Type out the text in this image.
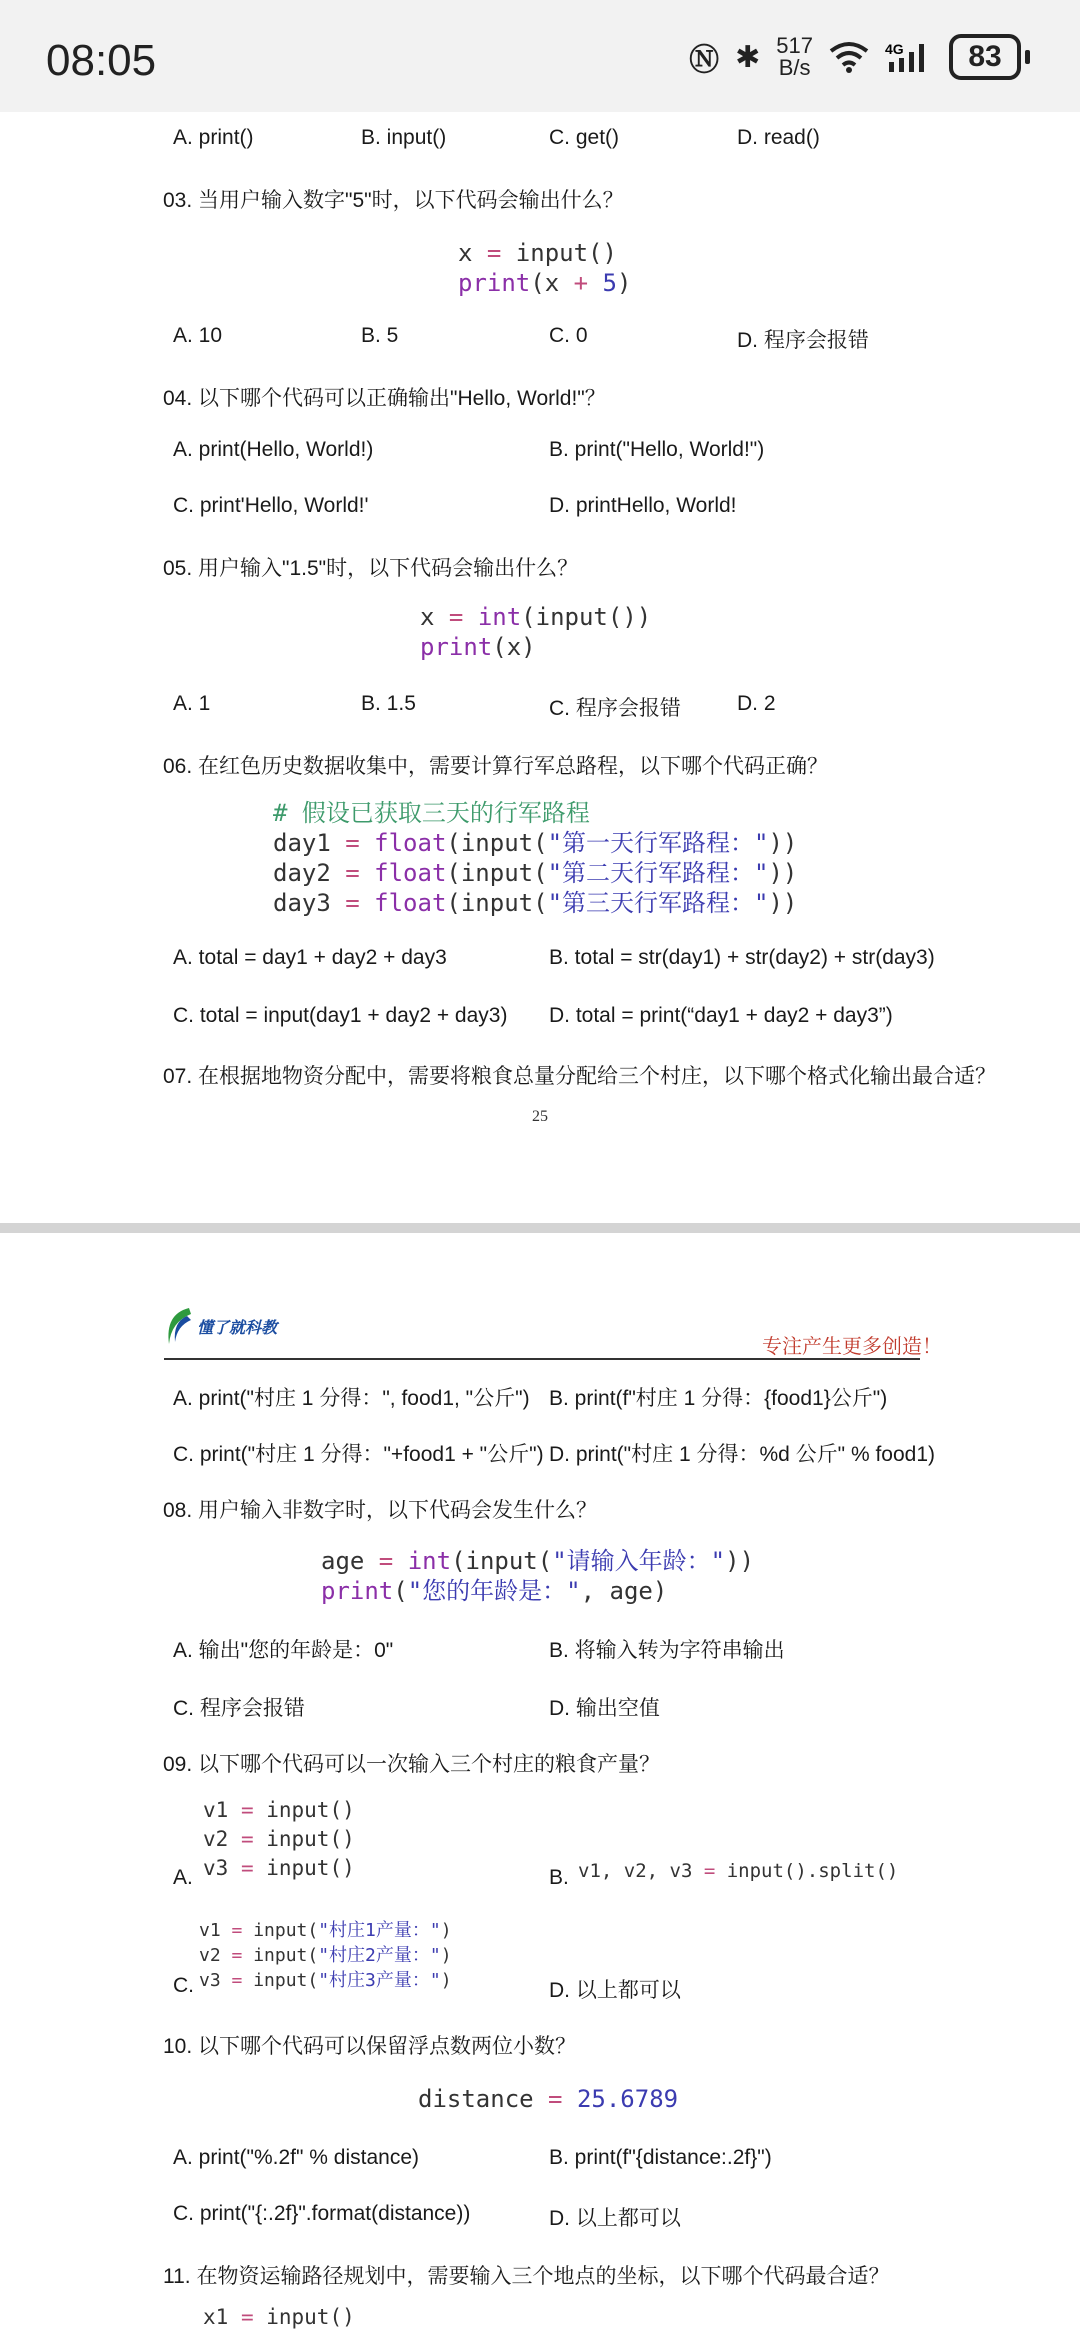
08:05	Ⓝ ✱ 517
B/s
4G	83
A. print()	B. input()	C. get()	D. read()
03. 当用户输入数字"5"时，以下代码会输出什么？
x = input()
print(x + 5)
A. 10	B. 5	C. 0	D. 程序会报错
04. 以下哪个代码可以正确输出"Hello, World!"？
A. print(Hello, World!)	B. print("Hello, World!")
C. print'Hello, World!'	D. printHello, World!
05. 用户输入"1.5"时，以下代码会输出什么？
x = int(input())
print(x)
A. 1	B. 1.5	C. 程序会报错	D. 2
06. 在红色历史数据收集中，需要计算行军总路程，以下哪个代码正确？
# 假设已获取三天的行军路程
day1 = float(input("第一天行军路程："))
day2 = float(input("第二天行军路程："))
day3 = float(input("第三天行军路程："))
A. total = day1 + day2 + day3	B. total = str(day1) + str(day2) + str(day3)
C. total = input(day1 + day2 + day3) D. total = print(“day1 + day2 + day3”)
07. 在根据地物资分配中，需要将粮食总量分配给三个村庄，以下哪个格式化输出最合适？
25
懂了就科教
专注产生更多创造！
A. print("村庄 1 分得：", food1, "公斤") B. print(f"村庄 1 分得：{food1}公斤")
C. print("村庄 1 分得："+food1 + "公斤") D. print("村庄 1 分得：%d 公斤" % food1)
08. 用户输入非数字时，以下代码会发生什么？
age = int(input("请输入年龄："))
print("您的年龄是：", age)
A. 输出"您的年龄是：0"	B. 将输入转为字符串输出
C. 程序会报错	D. 输出空值
09. 以下哪个代码可以一次输入三个村庄的粮食产量？
v1 = input()
v2 = input()
v3 = input()
A.	B. v1, v2, v3 = input().split()
v1 = input("村庄1产量：")
v2 = input("村庄2产量：")
v3 = input("村庄3产量：")
C.	D. 以上都可以
10. 以下哪个代码可以保留浮点数两位小数？
distance = 25.6789
A. print("%.2f" % distance)	B. print(f"{distance:.2f}")
C. print("{:.2f}".format(distance))	D. 以上都可以
11. 在物资运输路径规划中，需要输入三个地点的坐标，以下哪个代码最合适？
x1 = input()
